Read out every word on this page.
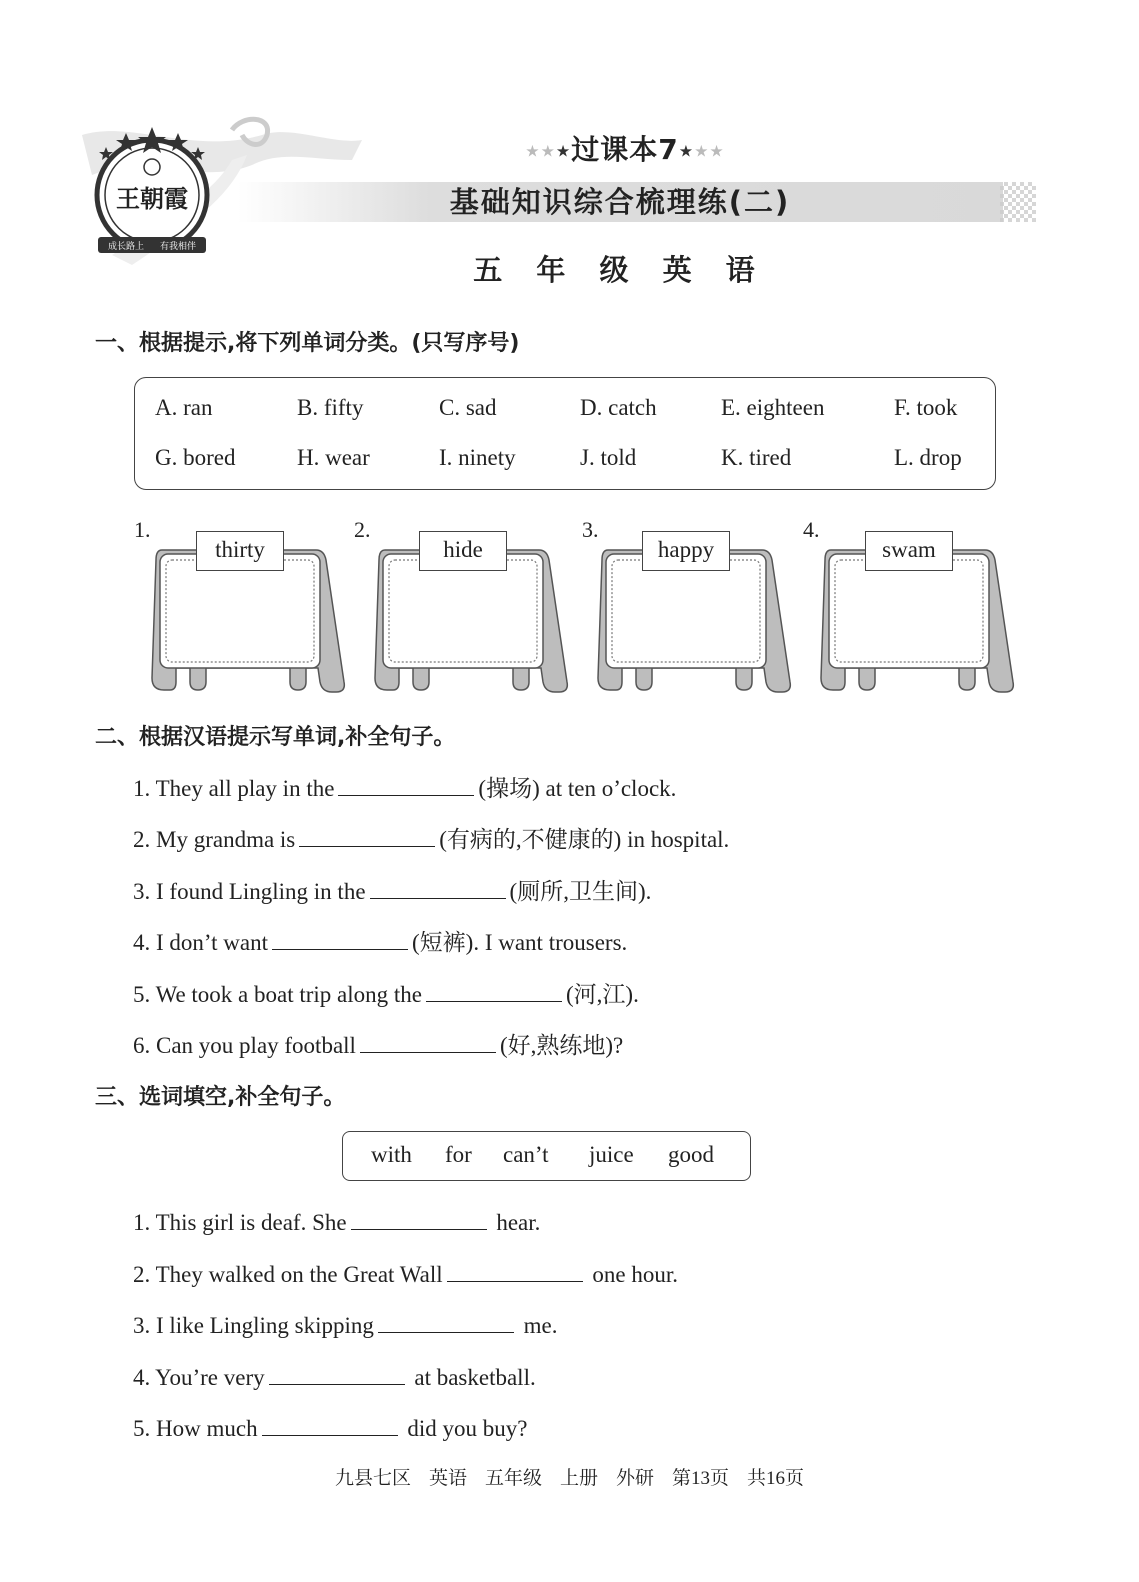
王朝霞
成长路上 有我相伴
★★★过课本7★★★
基础知识综合梳理练(二)
五 年 级 英 语
一、根据提示,将下列单词分类。(只写序号)
A. ran	B. fifty	C. sad	D. catch	E. eighteen	F. took
G. bored	H. wear	I. ninety	J. told	K. tired	L. drop
1.	2.	3.	4.
thirty	hide	happy	swam
二、根据汉语提示写单词,补全句子。
1. They all play in the	(操场) at ten o’clock.
2. My grandma is	(有病的,不健康的) in hospital.
3. I found Lingling in the	(厕所,卫生间).
4. I don’t want	(短裤). I want trousers.
5. We took a boat trip along the	(河,江).
6. Can you play football	(好,熟练地)?
三、选词填空,补全句子。
with for can’t juice good
1. This girl is deaf. She	hear.
2. They walked on the Great Wall	one hour.
3. I like Lingling skipping	me.
4. You’re very	at basketball.
5. How much	did you buy?
九县七区 英语 五年级 上册 外研 第13页 共16页
